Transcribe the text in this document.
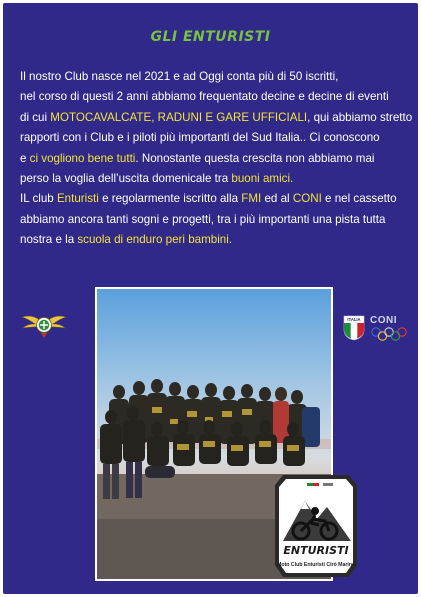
GLI ENTURISTI
Il nostro Club nasce nel 2021 e ad Oggi conta più di 50 iscritti,
nel corso di questi 2 anni abbiamo frequentato decine e decine di eventi
di cui MOTOCAVALCATE, RADUNI E GARE UFFICIALI, qui abbiamo stretto
rapporti con i Club e i piloti più importanti del Sud Italia.. Ci conoscono
e ci vogliono bene tutti. Nonostante questa crescita non abbiamo mai
perso la voglia dell’uscita domenicale tra buoni amici.
IL club Enturisti e regolarmente iscritto alla FMI ed al CONI e nel cassetto
abbiamo ancora tanti sogni e progetti, tra i più importanti una pista tutta
nostra e la scuola di enduro peri bambini.
ITALIA CONI
ENTURISTI
Moto Club Enturisti Cirò Marina
